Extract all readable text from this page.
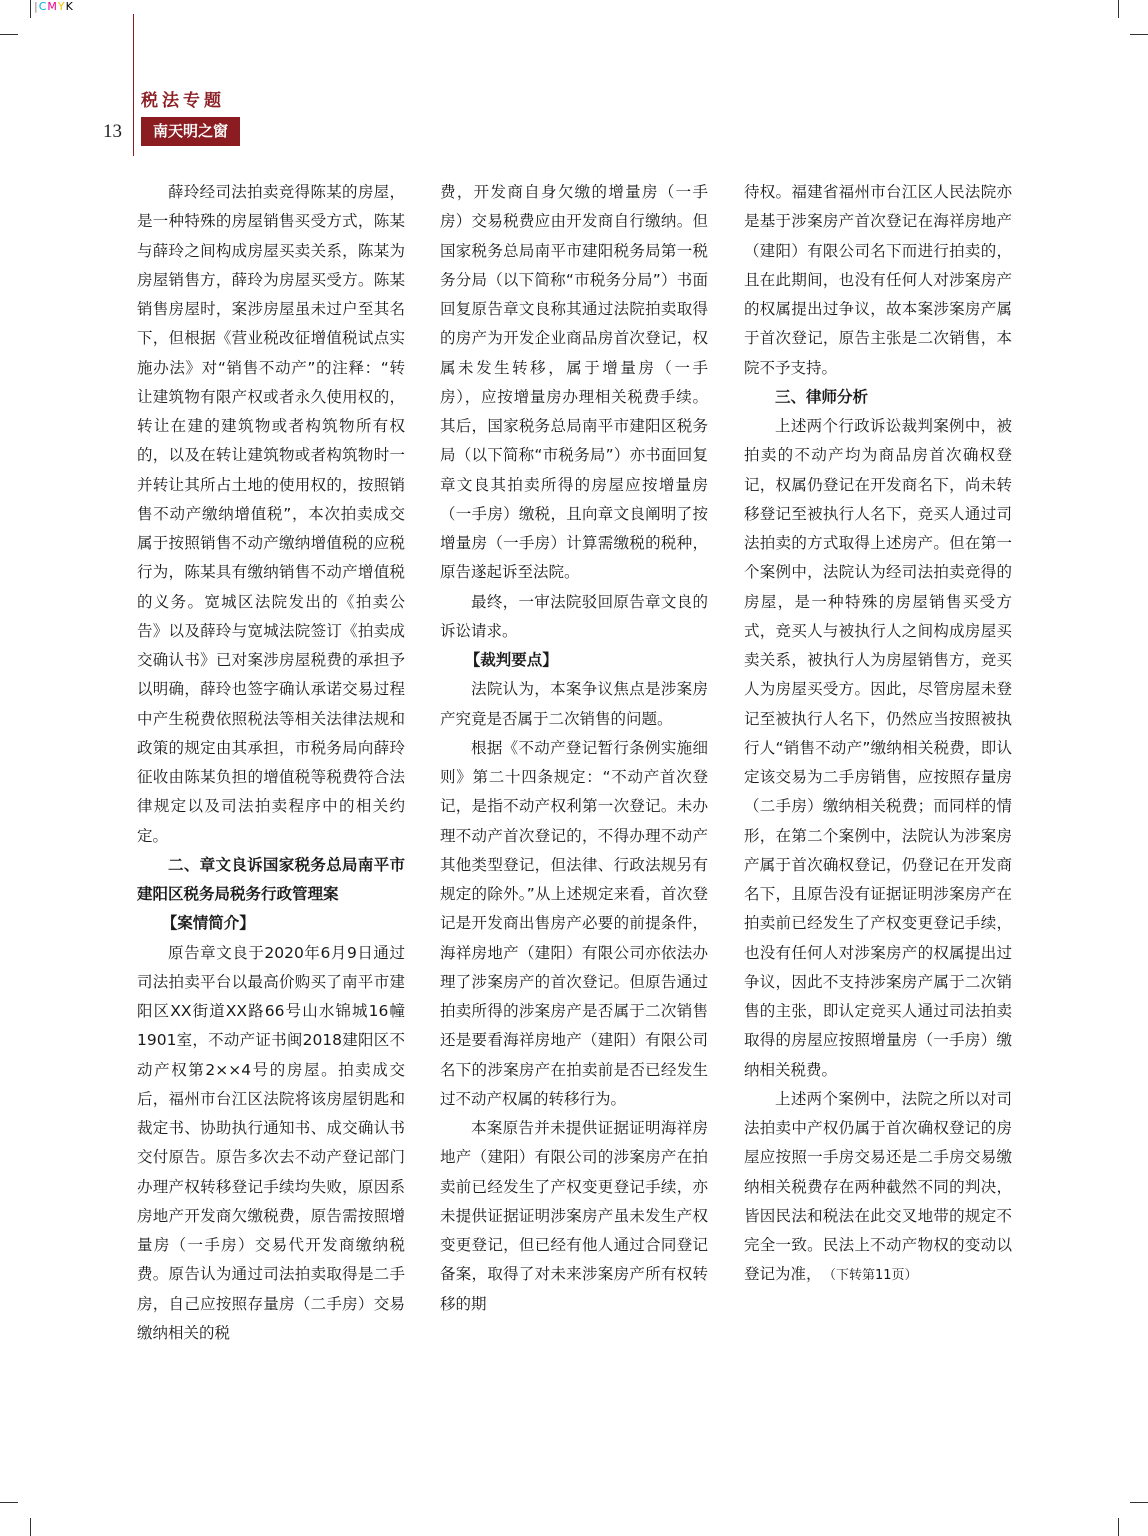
|CMYK
税法专题
13	南天明之窗

薛玲经司法拍卖竞得陈某的房屋，是一种特殊的房屋销售买受方式，陈某与薛玲之间构成房屋买卖关系，陈某为房屋销售方，薛玲为房屋买受方。陈某销售房屋时，案涉房屋虽未过户至其名下，但根据《营业税改征增值税试点实施办法》对“销售不动产”的注释：“转让建筑物有限产权或者永久使用权的，转让在建的建筑物或者构筑物所有权的，以及在转让建筑物或者构筑物时一并转让其所占土地的使用权的，按照销售不动产缴纳增值税”，本次拍卖成交属于按照销售不动产缴纳增值税的应税行为，陈某具有缴纳销售不动产增值税的义务。宽城区法院发出的《拍卖公告》以及薛玲与宽城法院签订《拍卖成交确认书》已对案涉房屋税费的承担予以明确，薛玲也签字确认承诺交易过程中产生税费依照税法等相关法律法规和政策的规定由其承担，市税务局向薛玲征收由陈某负担的增值税等税费符合法律规定以及司法拍卖程序中的相关约定。

二、章文良诉国家税务总局南平市建阳区税务局税务行政管理案

【案情简介】

原告章文良于2020年6月9日通过司法拍卖平台以最高价购买了南平市建阳区XX街道XX路66号山水锦城16幢1901室，不动产证书闽2018建阳区不动产权第2××4号的房屋。拍卖成交后，福州市台江区法院将该房屋钥匙和裁定书、协助执行通知书、成交确认书交付原告。原告多次去不动产登记部门办理产权转移登记手续均失败，原因系房地产开发商欠缴税费，原告需按照增量房（一手房）交易代开发商缴纳税费。原告认为通过司法拍卖取得是二手房，自己应按照存量房（二手房）交易缴纳相关的税

费，开发商自身欠缴的增量房（一手房）交易税费应由开发商自行缴纳。但国家税务总局南平市建阳税务局第一税务分局（以下简称“市税务分局”）书面回复原告章文良称其通过法院拍卖取得的房产为开发企业商品房首次登记，权属未发生转移，属于增量房（一手房），应按增量房办理相关税费手续。其后，国家税务总局南平市建阳区税务局（以下简称“市税务局”）亦书面回复章文良其拍卖所得的房屋应按增量房（一手房）缴税，且向章文良阐明了按增量房（一手房）计算需缴税的税种，原告遂起诉至法院。

最终，一审法院驳回原告章文良的诉讼请求。

【裁判要点】

法院认为，本案争议焦点是涉案房产究竟是否属于二次销售的问题。

根据《不动产登记暂行条例实施细则》第二十四条规定：“不动产首次登记，是指不动产权利第一次登记。未办理不动产首次登记的，不得办理不动产其他类型登记，但法律、行政法规另有规定的除外。”从上述规定来看，首次登记是开发商出售房产必要的前提条件，海祥房地产（建阳）有限公司亦依法办理了涉案房产的首次登记。但原告通过拍卖所得的涉案房产是否属于二次销售还是要看海祥房地产（建阳）有限公司名下的涉案房产在拍卖前是否已经发生过不动产权属的转移行为。

本案原告并未提供证据证明海祥房地产（建阳）有限公司的涉案房产在拍卖前已经发生了产权变更登记手续，亦未提供证据证明涉案房产虽未发生产权变更登记，但已经有他人通过合同登记备案，取得了对未来涉案房产所有权转移的期

待权。福建省福州市台江区人民法院亦是基于涉案房产首次登记在海祥房地产（建阳）有限公司名下而进行拍卖的，且在此期间，也没有任何人对涉案房产的权属提出过争议，故本案涉案房产属于首次登记，原告主张是二次销售，本院不予支持。

三、律师分析

上述两个行政诉讼裁判案例中，被拍卖的不动产均为商品房首次确权登记，权属仍登记在开发商名下，尚未转移登记至被执行人名下，竞买人通过司法拍卖的方式取得上述房产。但在第一个案例中，法院认为经司法拍卖竞得的房屋，是一种特殊的房屋销售买受方式，竞买人与被执行人之间构成房屋买卖关系，被执行人为房屋销售方，竞买人为房屋买受方。因此，尽管房屋未登记至被执行人名下，仍然应当按照被执行人“销售不动产”缴纳相关税费，即认定该交易为二手房销售，应按照存量房（二手房）缴纳相关税费；而同样的情形，在第二个案例中，法院认为涉案房产属于首次确权登记，仍登记在开发商名下，且原告没有证据证明涉案房产在拍卖前已经发生了产权变更登记手续，也没有任何人对涉案房产的权属提出过争议，因此不支持涉案房产属于二次销售的主张，即认定竞买人通过司法拍卖取得的房屋应按照增量房（一手房）缴纳相关税费。

上述两个案例中，法院之所以对司法拍卖中产权仍属于首次确权登记的房屋应按照一手房交易还是二手房交易缴纳相关税费存在两种截然不同的判决，皆因民法和税法在此交叉地带的规定不完全一致。民法上不动产物权的变动以登记为准， （下转第11页）
